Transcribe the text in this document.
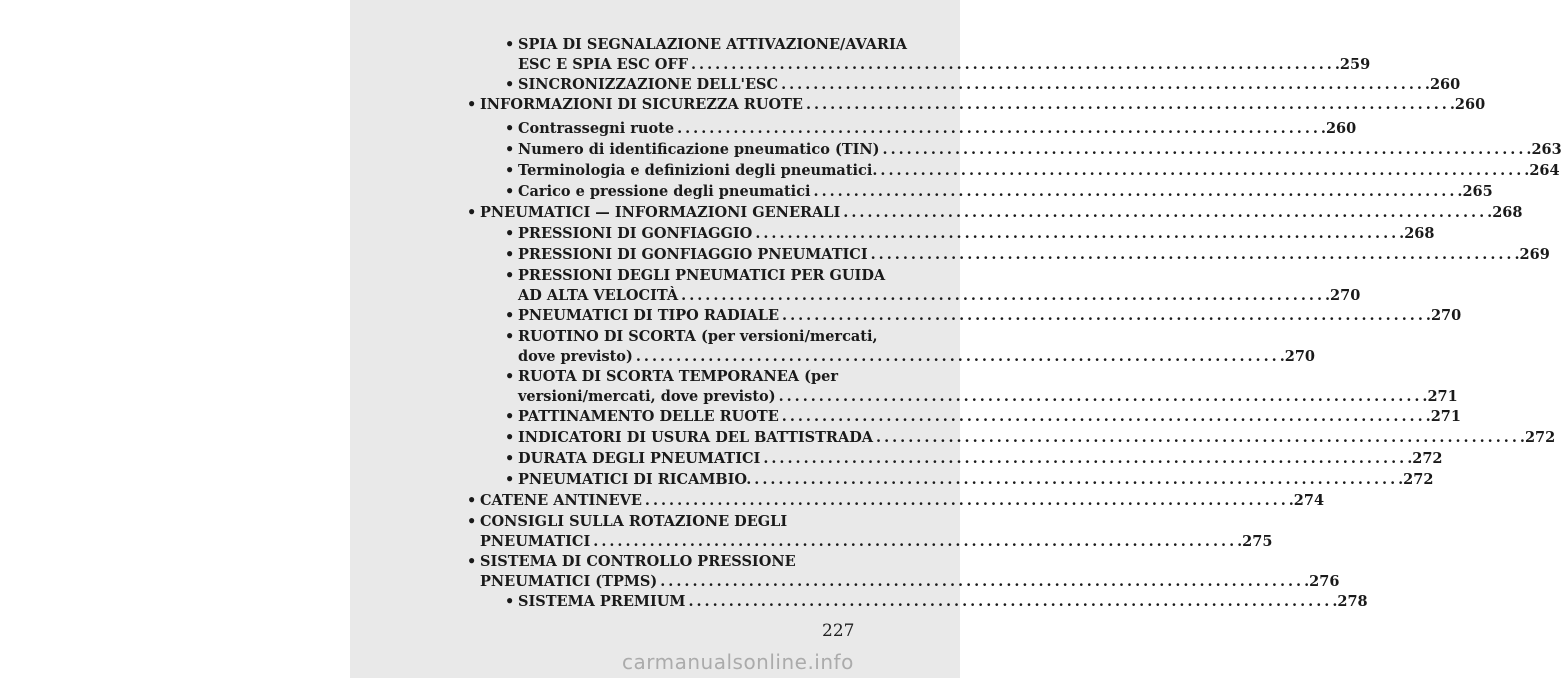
• SPIA DI SEGNALAZIONE ATTIVAZIONE/AVARIA
ESC E SPIA ESC OFF ................................................................................ .259
• SINCRONIZZAZIONE DELL'ESC ................................................................................ .260
• INFORMAZIONI DI SICUREZZA RUOTE ................................................................................ .260
• Contrassegni ruote ................................................................................ .260
• Numero di identificazione pneumatico (TIN) ................................................................................ .263
• Terminologia e definizioni degli pneumatici. ................................................................................ .264
• Carico e pressione degli pneumatici ................................................................................ .265
• PNEUMATICI — INFORMAZIONI GENERALI ................................................................................ .268
• PRESSIONI DI GONFIAGGIO ................................................................................ .268
• PRESSIONI DI GONFIAGGIO PNEUMATICI ................................................................................ .269
• PRESSIONI DEGLI PNEUMATICI PER GUIDA
AD ALTA VELOCITÀ ................................................................................ .270
• PNEUMATICI DI TIPO RADIALE ................................................................................ .270
• RUOTINO DI SCORTA (per versioni/mercati,
dove previsto) ................................................................................ .270
• RUOTA DI SCORTA TEMPORANEA (per
versioni/mercati, dove previsto) ................................................................................ .271
• PATTINAMENTO DELLE RUOTE ................................................................................ .271
• INDICATORI DI USURA DEL BATTISTRADA ................................................................................ .272
• DURATA DEGLI PNEUMATICI ................................................................................ .272
• PNEUMATICI DI RICAMBIO. ................................................................................ .272
• CATENE ANTINEVE ................................................................................ .274
• CONSIGLI SULLA ROTAZIONE DEGLI
PNEUMATICI ................................................................................ .275
• SISTEMA DI CONTROLLO PRESSIONE
PNEUMATICI (TPMS) ................................................................................ .276
• SISTEMA PREMIUM ................................................................................ .278
227
carmanualsonline.info
